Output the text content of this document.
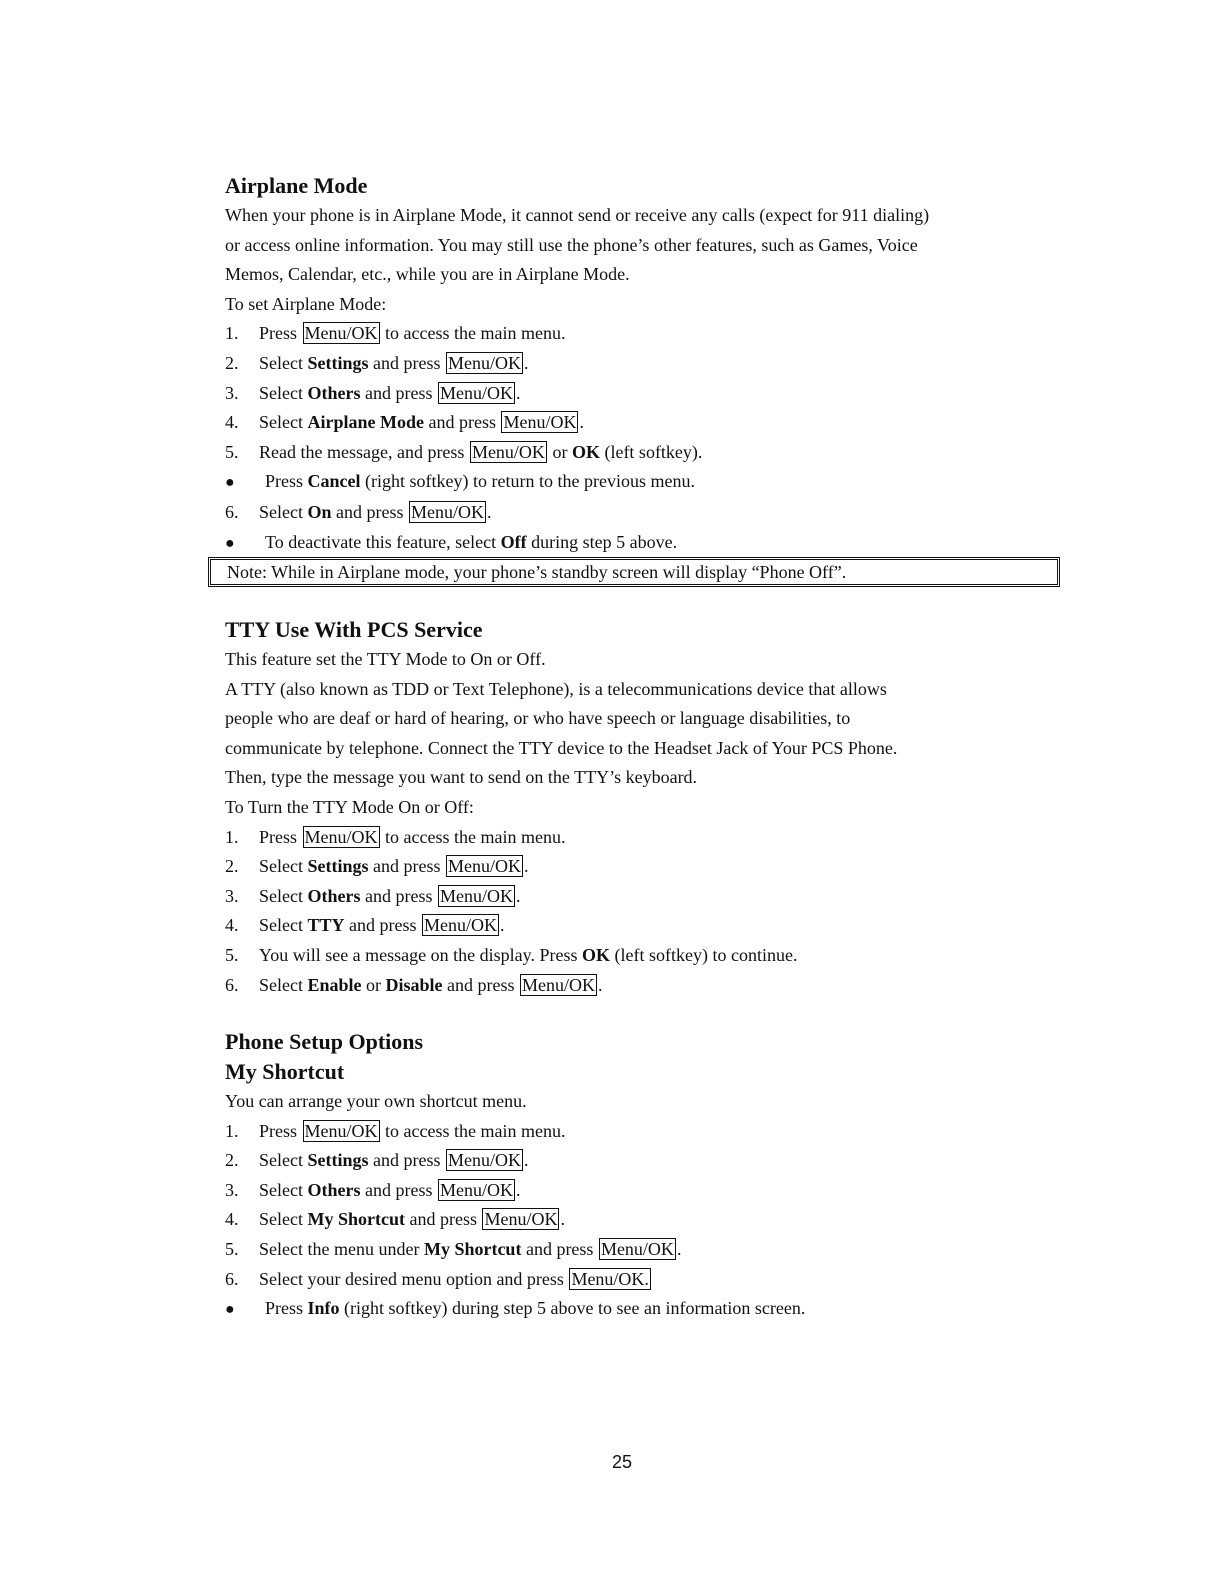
Airplane Mode

When your phone is in Airplane Mode, it cannot send or receive any calls (expect for 911 dialing)

or access online information. You may still use the phone’s other features, such as Games, Voice

Memos, Calendar, etc., while you are in Airplane Mode.

To set Airplane Mode:

1.	Press
Menu/OK
to access the main menu.
2.	Select
Settings
and press
Menu/OK .
3.	Select
Others
and press
Menu/OK .
4.	Select
Airplane Mode
and press
Menu/OK .
5.	Read the message, and press
Menu/OK
or
OK
(left softkey).
●	Press
Cancel
(right softkey) to return to the previous menu.
6.	Select
On
and press
Menu/OK .
●	To deactivate this feature, select
Off
during step 5 above.
Note: While in Airplane mode, your phone’s standby screen will display “Phone Off”.
TTY Use With PCS Service

This feature set the TTY Mode to On or Off.

A TTY (also known as TDD or Text Telephone), is a telecommunications device that allows

people who are deaf or hard of hearing, or who have speech or language disabilities, to

communicate by telephone. Connect the TTY device to the Headset Jack of Your PCS Phone.

Then, type the message you want to send on the TTY’s keyboard.

To Turn the TTY Mode On or Off:

1.	Press
Menu/OK
to access the main menu.
2.	Select
Settings
and press
Menu/OK .
3.	Select
Others
and press
Menu/OK .
4.	Select
TTY
and press
Menu/OK .
5.	You will see a message on the display. Press
OK
(left softkey) to continue.
6.	Select
Enable
or
Disable
and press
Menu/OK .
Phone Setup Options
My Shortcut

You can arrange your own shortcut menu.

1.	Press
Menu/OK
to access the main menu.
2.	Select
Settings
and press
Menu/OK .
3.	Select
Others
and press
Menu/OK .
4.	Select
My Shortcut
and press
Menu/OK .
5.	Select the menu under
My Shortcut
and press
Menu/OK .
6.	Select your desired menu option and press
Menu/OK.
●	Press
Info
(right softkey) during step 5 above to see an information screen.
25
